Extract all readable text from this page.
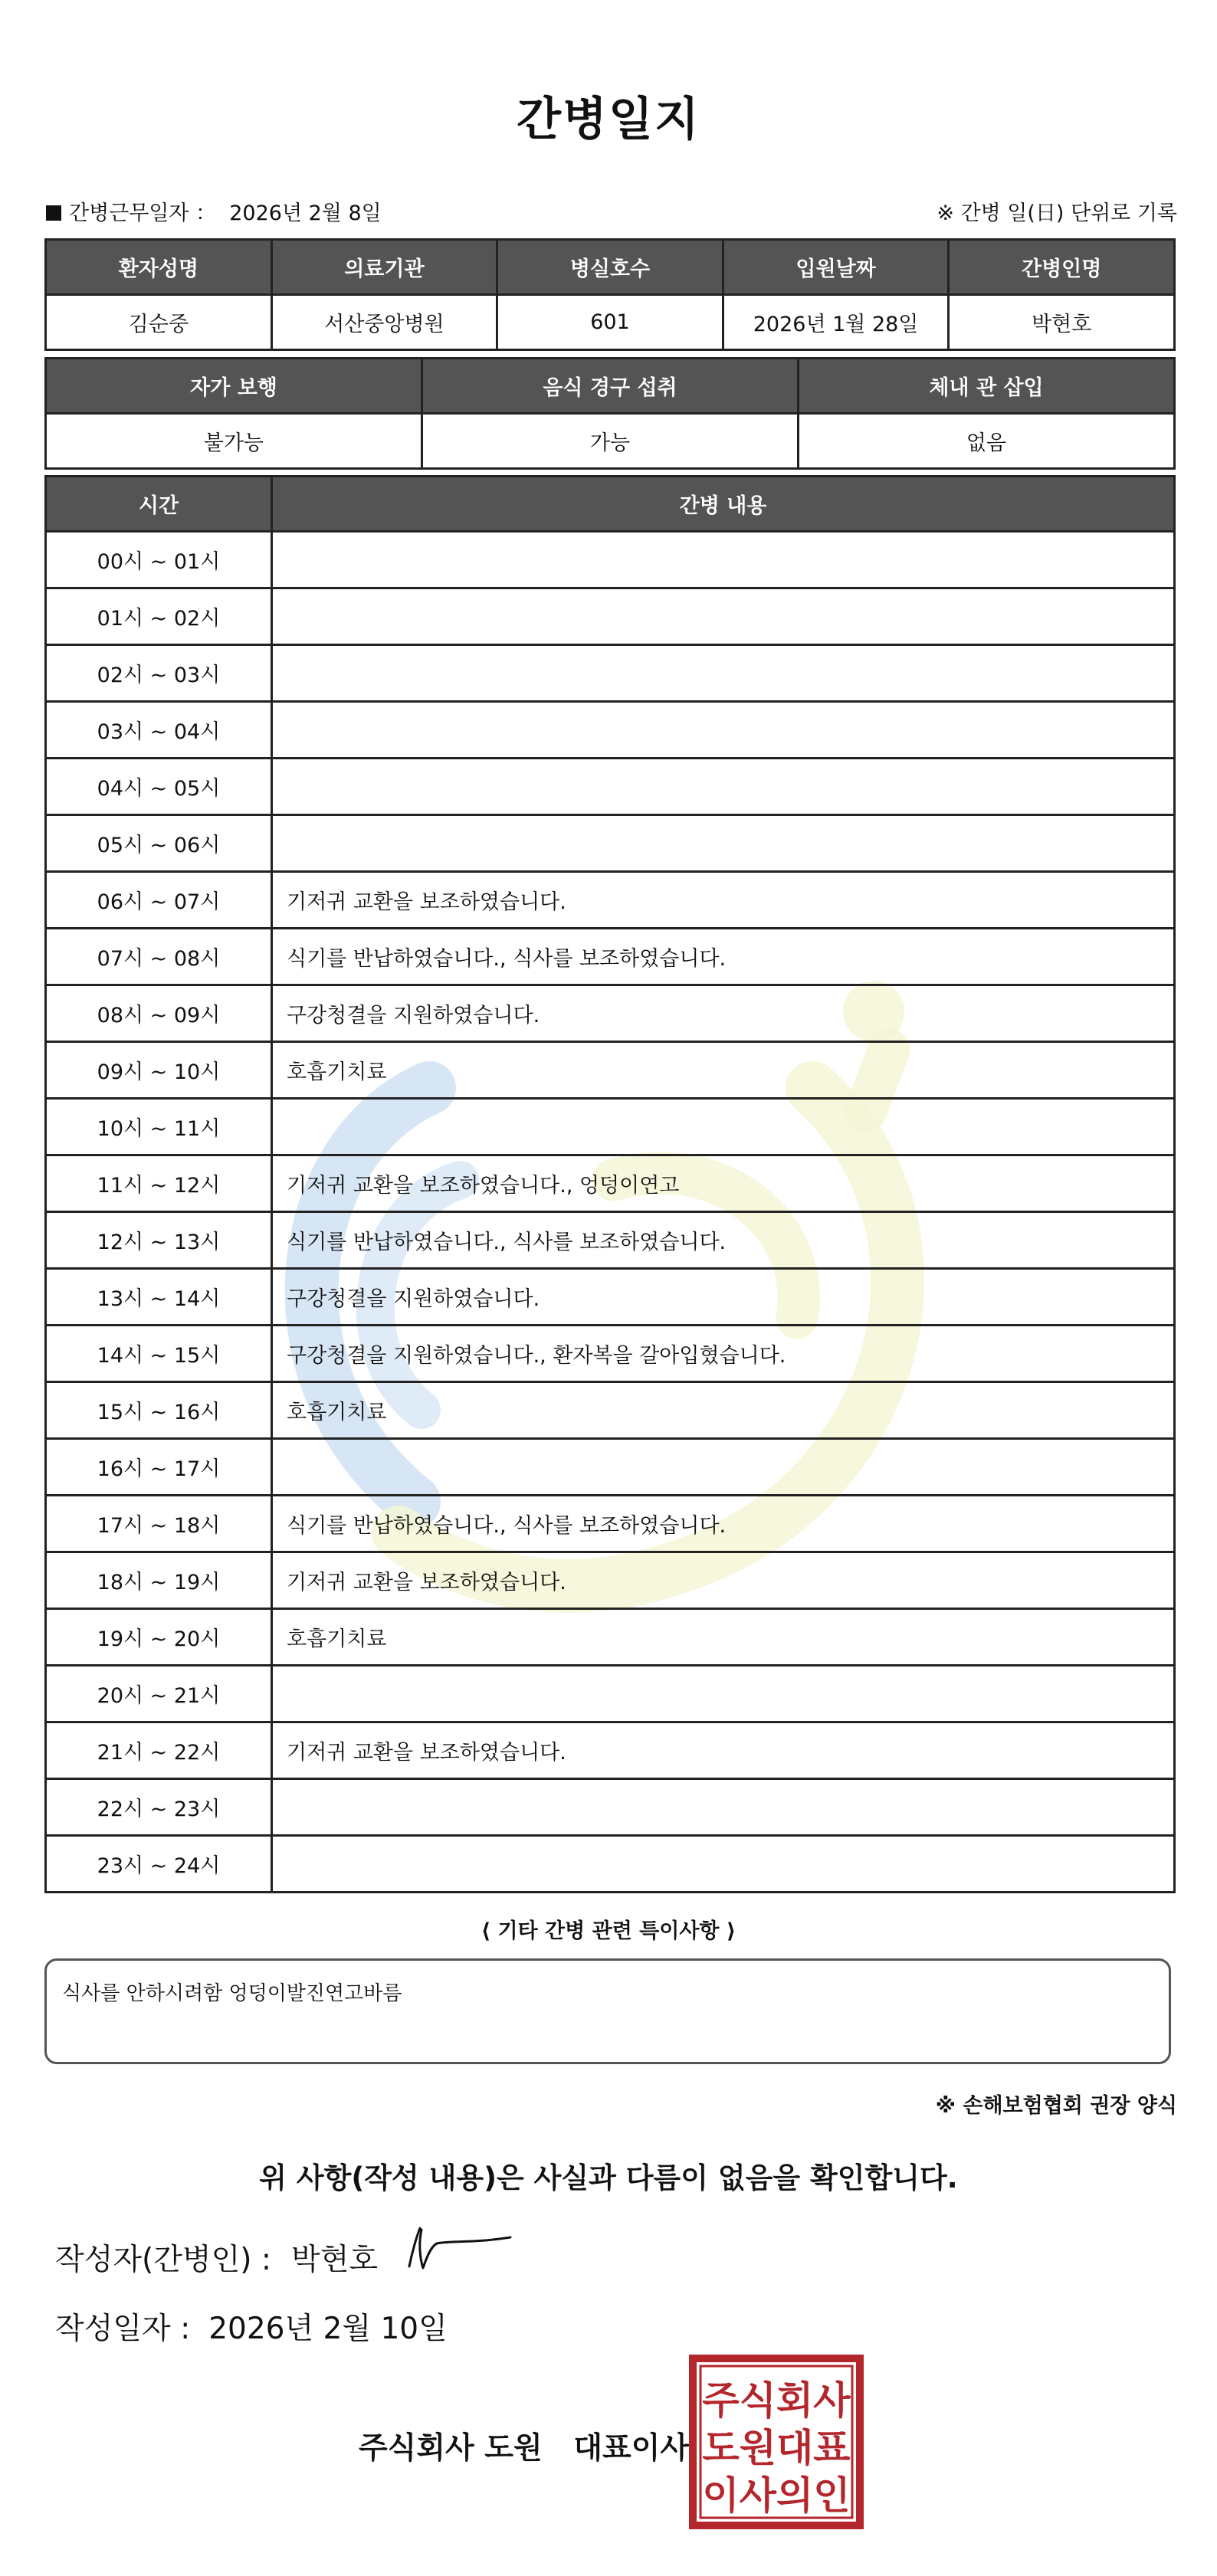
간병일지
간병근무일자 ： 2026년 2월 8일	※ 간병 일(日) 단위로 기록
환자성명	의료기관	병실호수	입원날짜	간병인명
김순중	서산중앙병원	601	2026년 1월 28일	박현호
자가 보행	음식 경구 섭취	체내 관 삽입
불가능	가능	없음
시간	간병 내용
00시 ~ 01시	
01시 ~ 02시	
02시 ~ 03시	
03시 ~ 04시	
04시 ~ 05시	
05시 ~ 06시	
06시 ~ 07시	기저귀 교환을 보조하였습니다.
07시 ~ 08시	식기를 반납하였습니다., 식사를 보조하였습니다.
08시 ~ 09시	구강청결을 지원하였습니다.
09시 ~ 10시	호흡기치료
10시 ~ 11시	
11시 ~ 12시	기저귀 교환을 보조하였습니다., 엉덩이연고
12시 ~ 13시	식기를 반납하였습니다., 식사를 보조하였습니다.
13시 ~ 14시	구강청결을 지원하였습니다.
14시 ~ 15시	구강청결을 지원하였습니다., 환자복을 갈아입혔습니다.
15시 ~ 16시	호흡기치료
16시 ~ 17시	
17시 ~ 18시	식기를 반납하였습니다., 식사를 보조하였습니다.
18시 ~ 19시	기저귀 교환을 보조하였습니다.
19시 ~ 20시	호흡기치료
20시 ~ 21시	
21시 ~ 22시	기저귀 교환을 보조하였습니다.
22시 ~ 23시	
23시 ~ 24시	
⟨ 기타 간병 관련 특이사항 ⟩
식사를 안하시려함 엉덩이발진연고바름
※ 손해보험협회 권장 양식
위 사항(작성 내용)은 사실과 다름이 없음을 확인합니다.
작성자(간병인) : 박현호
작성일자 : 2026년 2월 10일
주식회사 도원   대표이사
주식회사
도원대표
이사의인
